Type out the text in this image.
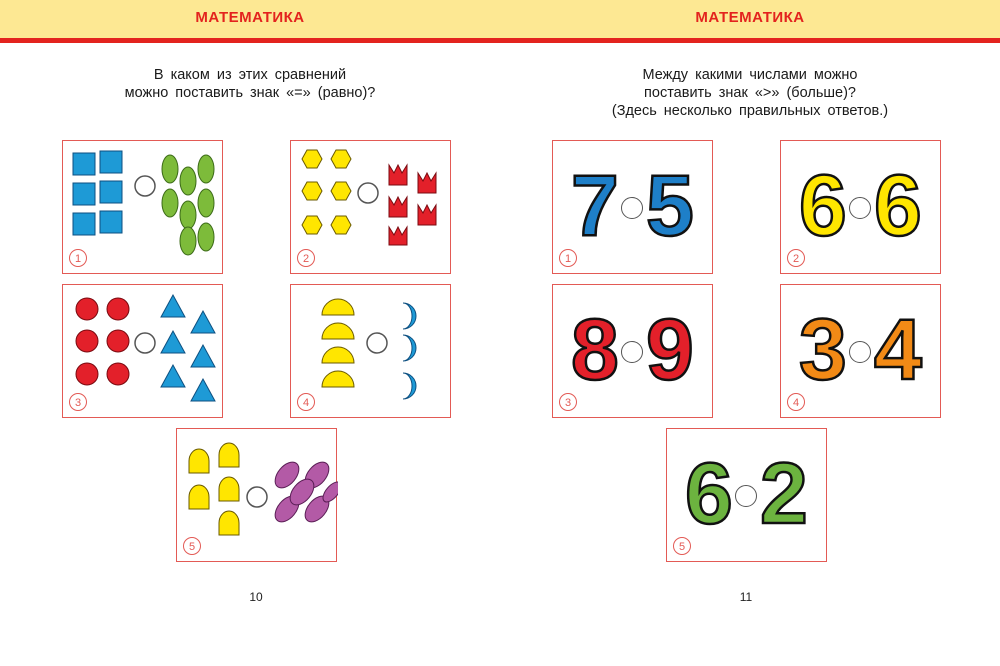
МАТЕМАТИКА
В каком из этих сравнений
можно поставить знак «=» (равно)?
1	2
3	4
5
10
МАТЕМАТИКА
Между какими числами можно
поставить знак «>» (больше)?
(Здесь несколько правильных ответов.)
7 5
1
6 6
2
8 9
3
3 4
4
6 2
5
11
